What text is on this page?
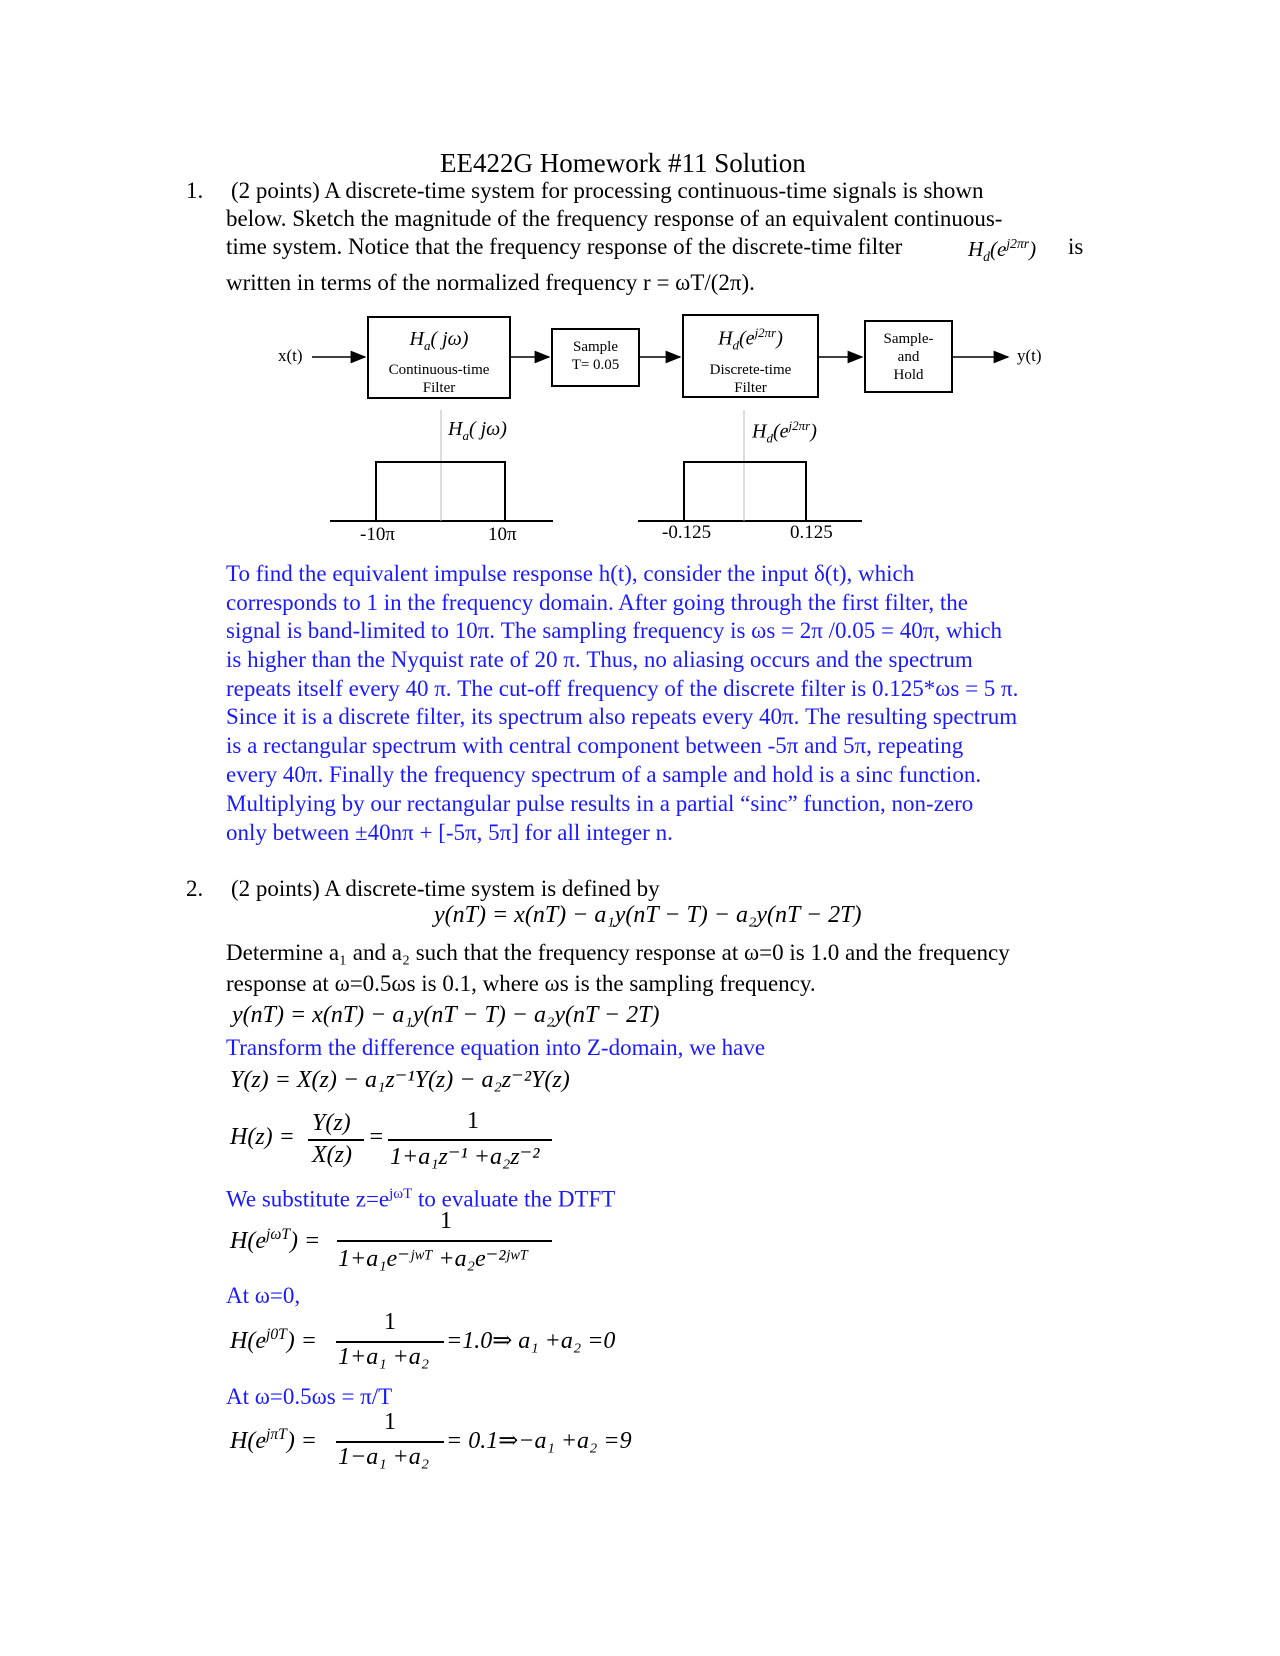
EE422G Homework #11 Solution
1. (2 points) A discrete-time system for processing continuous-time signals is shown
below. Sketch the magnitude of the frequency response of an equivalent continuous-
time system. Notice that the frequency response of the discrete-time filter	$H_d(e^{j2\pi r})$ is
written in terms of the normalized frequency r = ωT/(2π).
x(t)	y(t)
$H_a$( jω)
Continuous-time
Filter
Sample
T= 0.05
$H_d(e^{j2\pi r})$
Discrete-time
Filter
Sample-
and
Hold
$H_a$( jω)
-10π	10π
$H_d(e^{j2\pi r})$
-0.125	0.125
To find the equivalent impulse response h(t), consider the input δ(t), which
corresponds to 1 in the frequency domain. After going through the first filter, the
signal is band-limited to 10π. The sampling frequency is ωs = 2π /0.05 = 40π, which
is higher than the Nyquist rate of 20 π. Thus, no aliasing occurs and the spectrum
repeats itself every 40 π. The cut-off frequency of the discrete filter is 0.125*ωs = 5 π.
Since it is a discrete filter, its spectrum also repeats every 40π. The resulting spectrum
is a rectangular spectrum with central component between -5π and 5π, repeating
every 40π. Finally the frequency spectrum of a sample and hold is a sinc function.
Multiplying by our rectangular pulse results in a partial “sinc” function, non-zero
only between ±40nπ + [-5π, 5π] for all integer n.
2. (2 points) A discrete-time system is defined by
y(nT) = x(nT) − a₁y(nT − T) − a₂y(nT − 2T)
Determine a₁ and a₂ such that the frequency response at ω=0 is 1.0 and the frequency
response at ω=0.5ωs is 0.1, where ωs is the sampling frequency.
y(nT) = x(nT) − a₁y(nT − T) − a₂y(nT − 2T)
Transform the difference equation into Z-domain, we have
Y(z) = X(z) − a₁z⁻¹Y(z) − a₂z⁻²Y(z)
H(z) =
Y(z)
X(z)
=
1
1+a₁z⁻¹ +a₂z⁻²
We substitute $z=e^{j\omega T}$ to evaluate the DTFT
$H(e^{j\omega T})$ =
1
1+a₁e⁻ʲʷᵀ +a₂e⁻²ʲʷᵀ
At ω=0,
$H(e^{j0T})$ =
1
1+a₁ +a₂
=1.0⇒ a₁ +a₂ =0
At ω=0.5ωs = π/T
$H(e^{j\pi T})$ =
1
1−a₁ +a₂
= 0.1⇒−a₁ +a₂ =9
